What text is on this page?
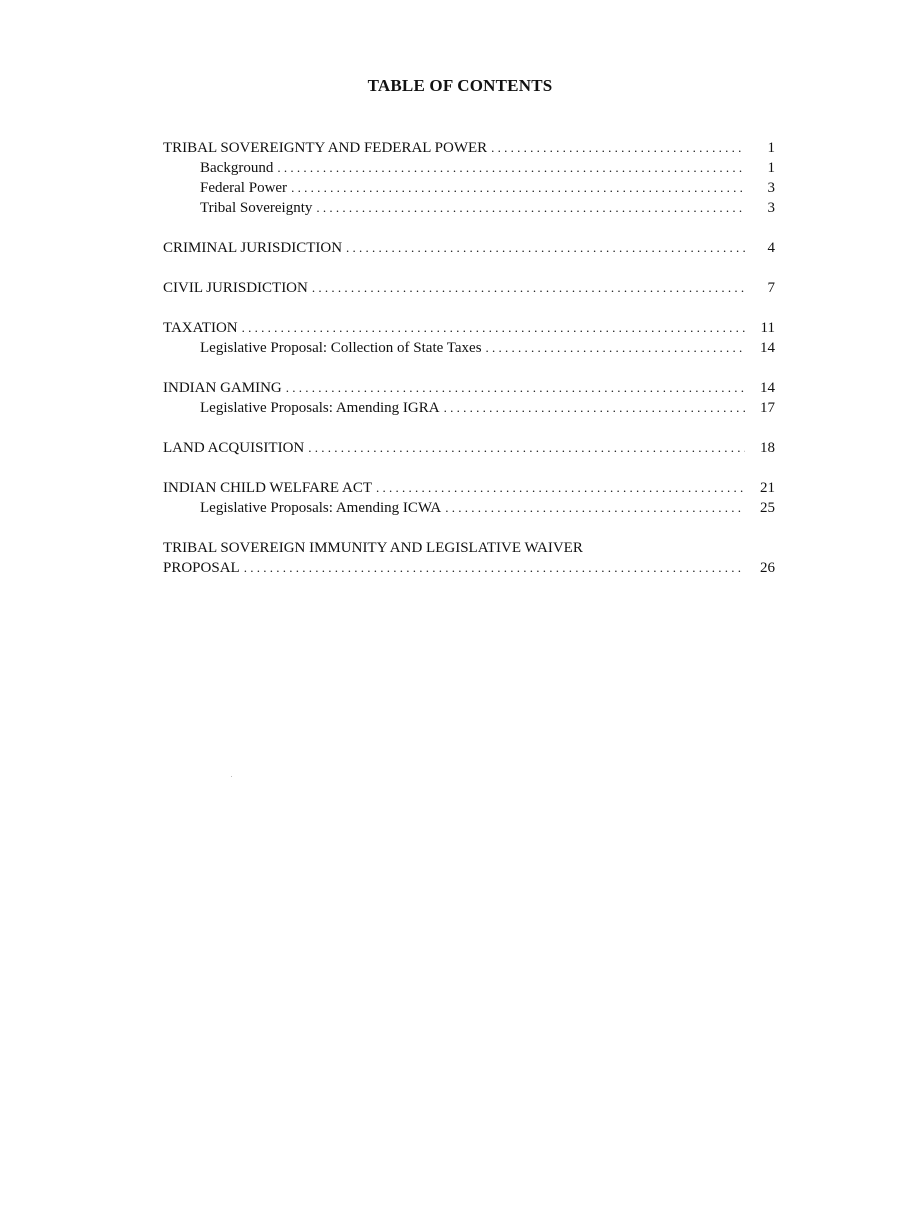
TABLE OF CONTENTS
TRIBAL SOVEREIGNTY AND FEDERAL POWER . . .	1
Background . . .	1
Federal Power . . .	3
Tribal Sovereignty . . .	3
CRIMINAL JURISDICTION . . .	4
CIVIL JURISDICTION . . .	7
TAXATION . . .	11
Legislative Proposal: Collection of State Taxes . . .	14
INDIAN GAMING . . .	14
Legislative Proposals: Amending IGRA . . .	17
LAND ACQUISITION . . .	18
INDIAN CHILD WELFARE ACT . . .	21
Legislative Proposals: Amending ICWA . . .	25
TRIBAL SOVEREIGN IMMUNITY AND LEGISLATIVE WAIVER
PROPOSAL . . .	26
